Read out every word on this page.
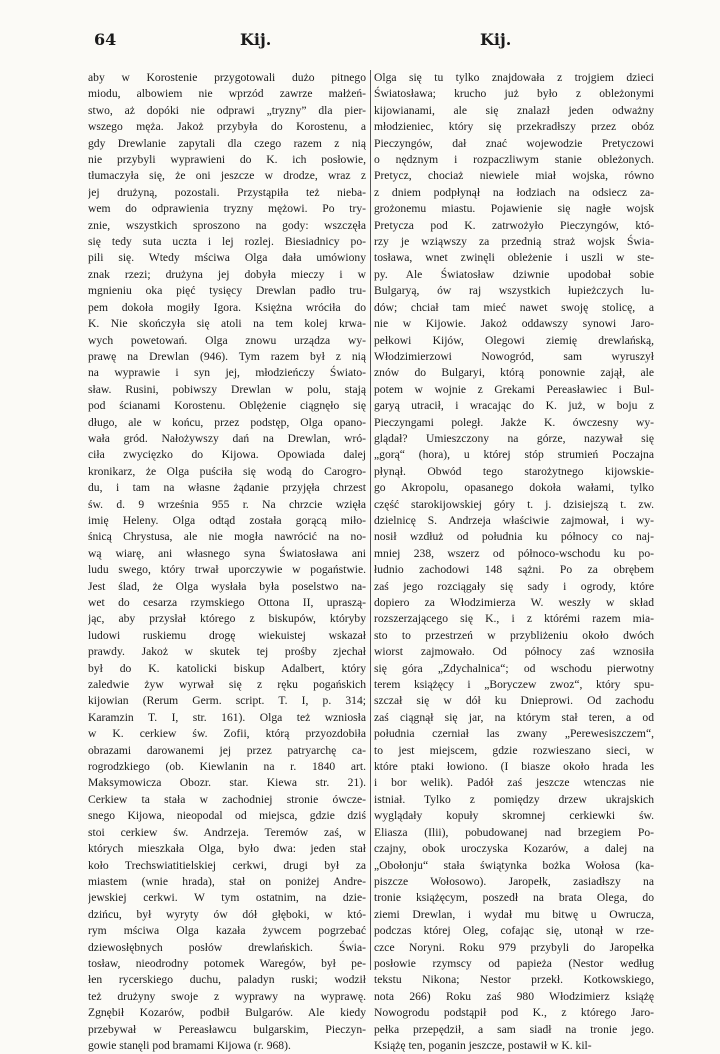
64	Kij.	Kij.
aby w Korostenie przygotowali dużo pitnego
miodu, albowiem nie wprzód zawrze małżeń-
stwo, aż dopóki nie odprawi „tryzny” dla pier-
wszego męża. Jakoż przybyła do Korostenu, a
gdy Drewlanie zapytali dla czego razem z nią
nie przybyli wyprawieni do K. ich posłowie,
tłumaczyła się, że oni jeszcze w drodze, wraz z
jej drużyną, pozostali. Przystąpiła też nieba-
wem do odprawienia tryzny mężowi. Po try-
znie, wszystkich sproszono na gody: wszczęła
się tedy suta uczta i lej rozlej. Biesiadnicy po-
pili się. Wtedy mściwa Olga dała umówiony
znak rzezi; drużyna jej dobyła mieczy i w
mgnieniu oka pięć tysięcy Drewlan padło tru-
pem dokoła mogiły Igora. Księżna wróciła do
K. Nie skończyła się atoli na tem kolej krwa-
wych powetowań. Olga znowu urządza wy-
prawę na Drewlan (946). Tym razem był z nią
na wyprawie i syn jej, młodzieńczy Świato-
sław. Rusini, pobiwszy Drewlan w polu, stają
pod ścianami Korostenu. Oblężenie ciągnęło się
długo, ale w końcu, przez podstęp, Olga opano-
wała gród. Nałożywszy dań na Drewlan, wró-
ciła zwycięzko do Kijowa. Opowiada dalej
kronikarz, że Olga puściła się wodą do Carogro-
du, i tam na własne żądanie przyjęła chrzest
św. d. 9 września 955 r. Na chrzcie wzięła
imię Heleny. Olga odtąd została gorącą miło-
śnicą Chrystusa, ale nie mogła nawrócić na no-
wą wiarę, ani własnego syna Światosława ani
ludu swego, który trwał uporczywie w pogaństwie.
Jest ślad, że Olga wysłała była poselstwo na-
wet do cesarza rzymskiego Ottona II, upraszą-
jąc, aby przysłał którego z biskupów, któryby
ludowi ruskiemu drogę wiekuistej wskazał
prawdy. Jakoż w skutek tej prośby zjechał
był do K. katolicki biskup Adalbert, który
zaledwie żyw wyrwał się z ręku pogańskich
kijowian (Rerum Germ. script. T. I, p. 314;
Karamzin T. I, str. 161). Olga też wzniosła
w K. cerkiew św. Zofii, którą przyozdobiła
obrazami darowanemi jej przez patryarchę ca-
rogrodzkiego (ob. Kiewlanin na r. 1840 art.
Maksymowicza Obozr. star. Kiewa str. 21).
Cerkiew ta stała w zachodniej stronie ówcze-
snego Kijowa, nieopodal od miejsca, gdzie dziś
stoi cerkiew św. Andrzeja. Teremów zaś, w
których mieszkała Olga, było dwa: jeden stał
koło Trechswiatitielskiej cerkwi, drugi był za
miastem (wnie hrada), stał on poniżej Andre-
jewskiej cerkwi. W tym ostatnim, na dzie-
dzińcu, był wyryty ów dół głęboki, w któ-
rym mściwa Olga kazała żywcem pogrzebać
dziewosłębnych posłów drewlańskich. Świa-
tosław, nieodrodny potomek Waregów, był pe-
łen rycerskiego duchu, paladyn ruski; wodził
też drużyny swoje z wyprawy na wyprawę.
Zgnębił Kozarów, podbił Bulgarów. Ale kiedy
przebywał w Pereasławcu bulgarskim, Pieczyn-
gowie stanęli pod bramami Kijowa (r. 968).
Olga się tu tylko znajdowała z trojgiem dzieci
Światosława; krucho już było z obleżonymi
kijowianami, ale się znalazł jeden odważny
młodzieniec, który się przekradłszy przez obóz
Pieczyngów, dał znać wojewodzie Pretyczowi
o nędznym i rozpaczliwym stanie obleżonych.
Pretycz, chociaż niewiele miał wojska, równo
z dniem podpłynął na łodziach na odsiecz za-
grożonemu miastu. Pojawienie się nagłe wojsk
Pretycza pod K. zatrwożyło Pieczyngów, któ-
rzy je wziąwszy za przednią straż wojsk Świa-
tosława, wnet zwinęli obleżenie i uszli w ste-
py. Ale Światosław dziwnie upodobał sobie
Bulgaryą, ów raj wszystkich łupieżczych lu-
dów; chciał tam mieć nawet swoję stolicę, a
nie w Kijowie. Jakoż oddawszy synowi Jaro-
pełkowi Kijów, Olegowi ziemię drewlańską,
Włodzimierzowi Nowogród, sam wyruszył
znów do Bulgaryi, którą ponownie zajął, ale
potem w wojnie z Grekami Pereasławiec i Bul-
garyą utracił, i wracając do K. już, w boju z
Pieczyngami poległ. Jakże K. ówczesny wy-
glądał? Umieszczony na górze, nazywał się
„gorą“ (hora), u której stóp strumień Poczajna
płynął. Obwód tego starożytnego kijowskie-
go Akropolu, opasanego dokoła wałami, tylko
część starokijowskiej góry t. j. dzisiejszą t. zw.
dzielnicę S. Andrzeja właściwie zajmował, i wy-
nosił wzdłuż od południa ku północy co naj-
mniej 238, wszerz od północo-wschodu ku po-
łudnio zachodowi 148 sążni. Po za obrębem
zaś jego rozciągały się sady i ogrody, które
dopiero za Włodzimierza W. weszły w skład
rozszerzającego się K., i z którémi razem mia-
sto to przestrzeń w przybliżeniu około dwóch
wiorst zajmowało. Od północy zaś wznosiła
się góra „Zdychalnica“; od wschodu pierwotny
terem książęcy i „Boryczew zwoz“, który spu-
szczał się w dół ku Dnieprowi. Od zachodu
zaś ciągnął się jar, na którym stał teren, a od
południa czerniał las zwany „Perewesiszczem“,
to jest miejscem, gdzie rozwieszano sieci, w
które ptaki łowiono. (I biasze około hrada les
i bor welik). Padół zaś jeszcze wtenczas nie
istniał. Tylko z pomiędzy drzew ukrajskich
wyglądały kopuły skromnej cerkiewki św.
Eliasza (Ilii), pobudowanej nad brzegiem Po-
czajny, obok uroczyska Kozarów, a dalej na
„Obołonju“ stała świątynka bożka Wołosa (ka-
piszcze Wołosowo). Jaropełk, zasiadłszy na
tronie książęcym, poszedł na brata Olega, do
ziemi Drewlan, i wydał mu bitwę u Owrucza,
podczas której Oleg, cofając się, utonął w rze-
czce Noryni. Roku 979 przybyli do Jaropełka
posłowie rzymscy od papieża (Nestor według
tekstu Nikona; Nestor przekł. Kotkowskiego,
nota 266) Roku zaś 980 Włodzimierz książę
Nowogrodu podstąpił pod K., z którego Jaro-
pełka przepędził, a sam siadł na tronie jego.
Książę ten, poganin jeszcze, postawił w K. kil-
